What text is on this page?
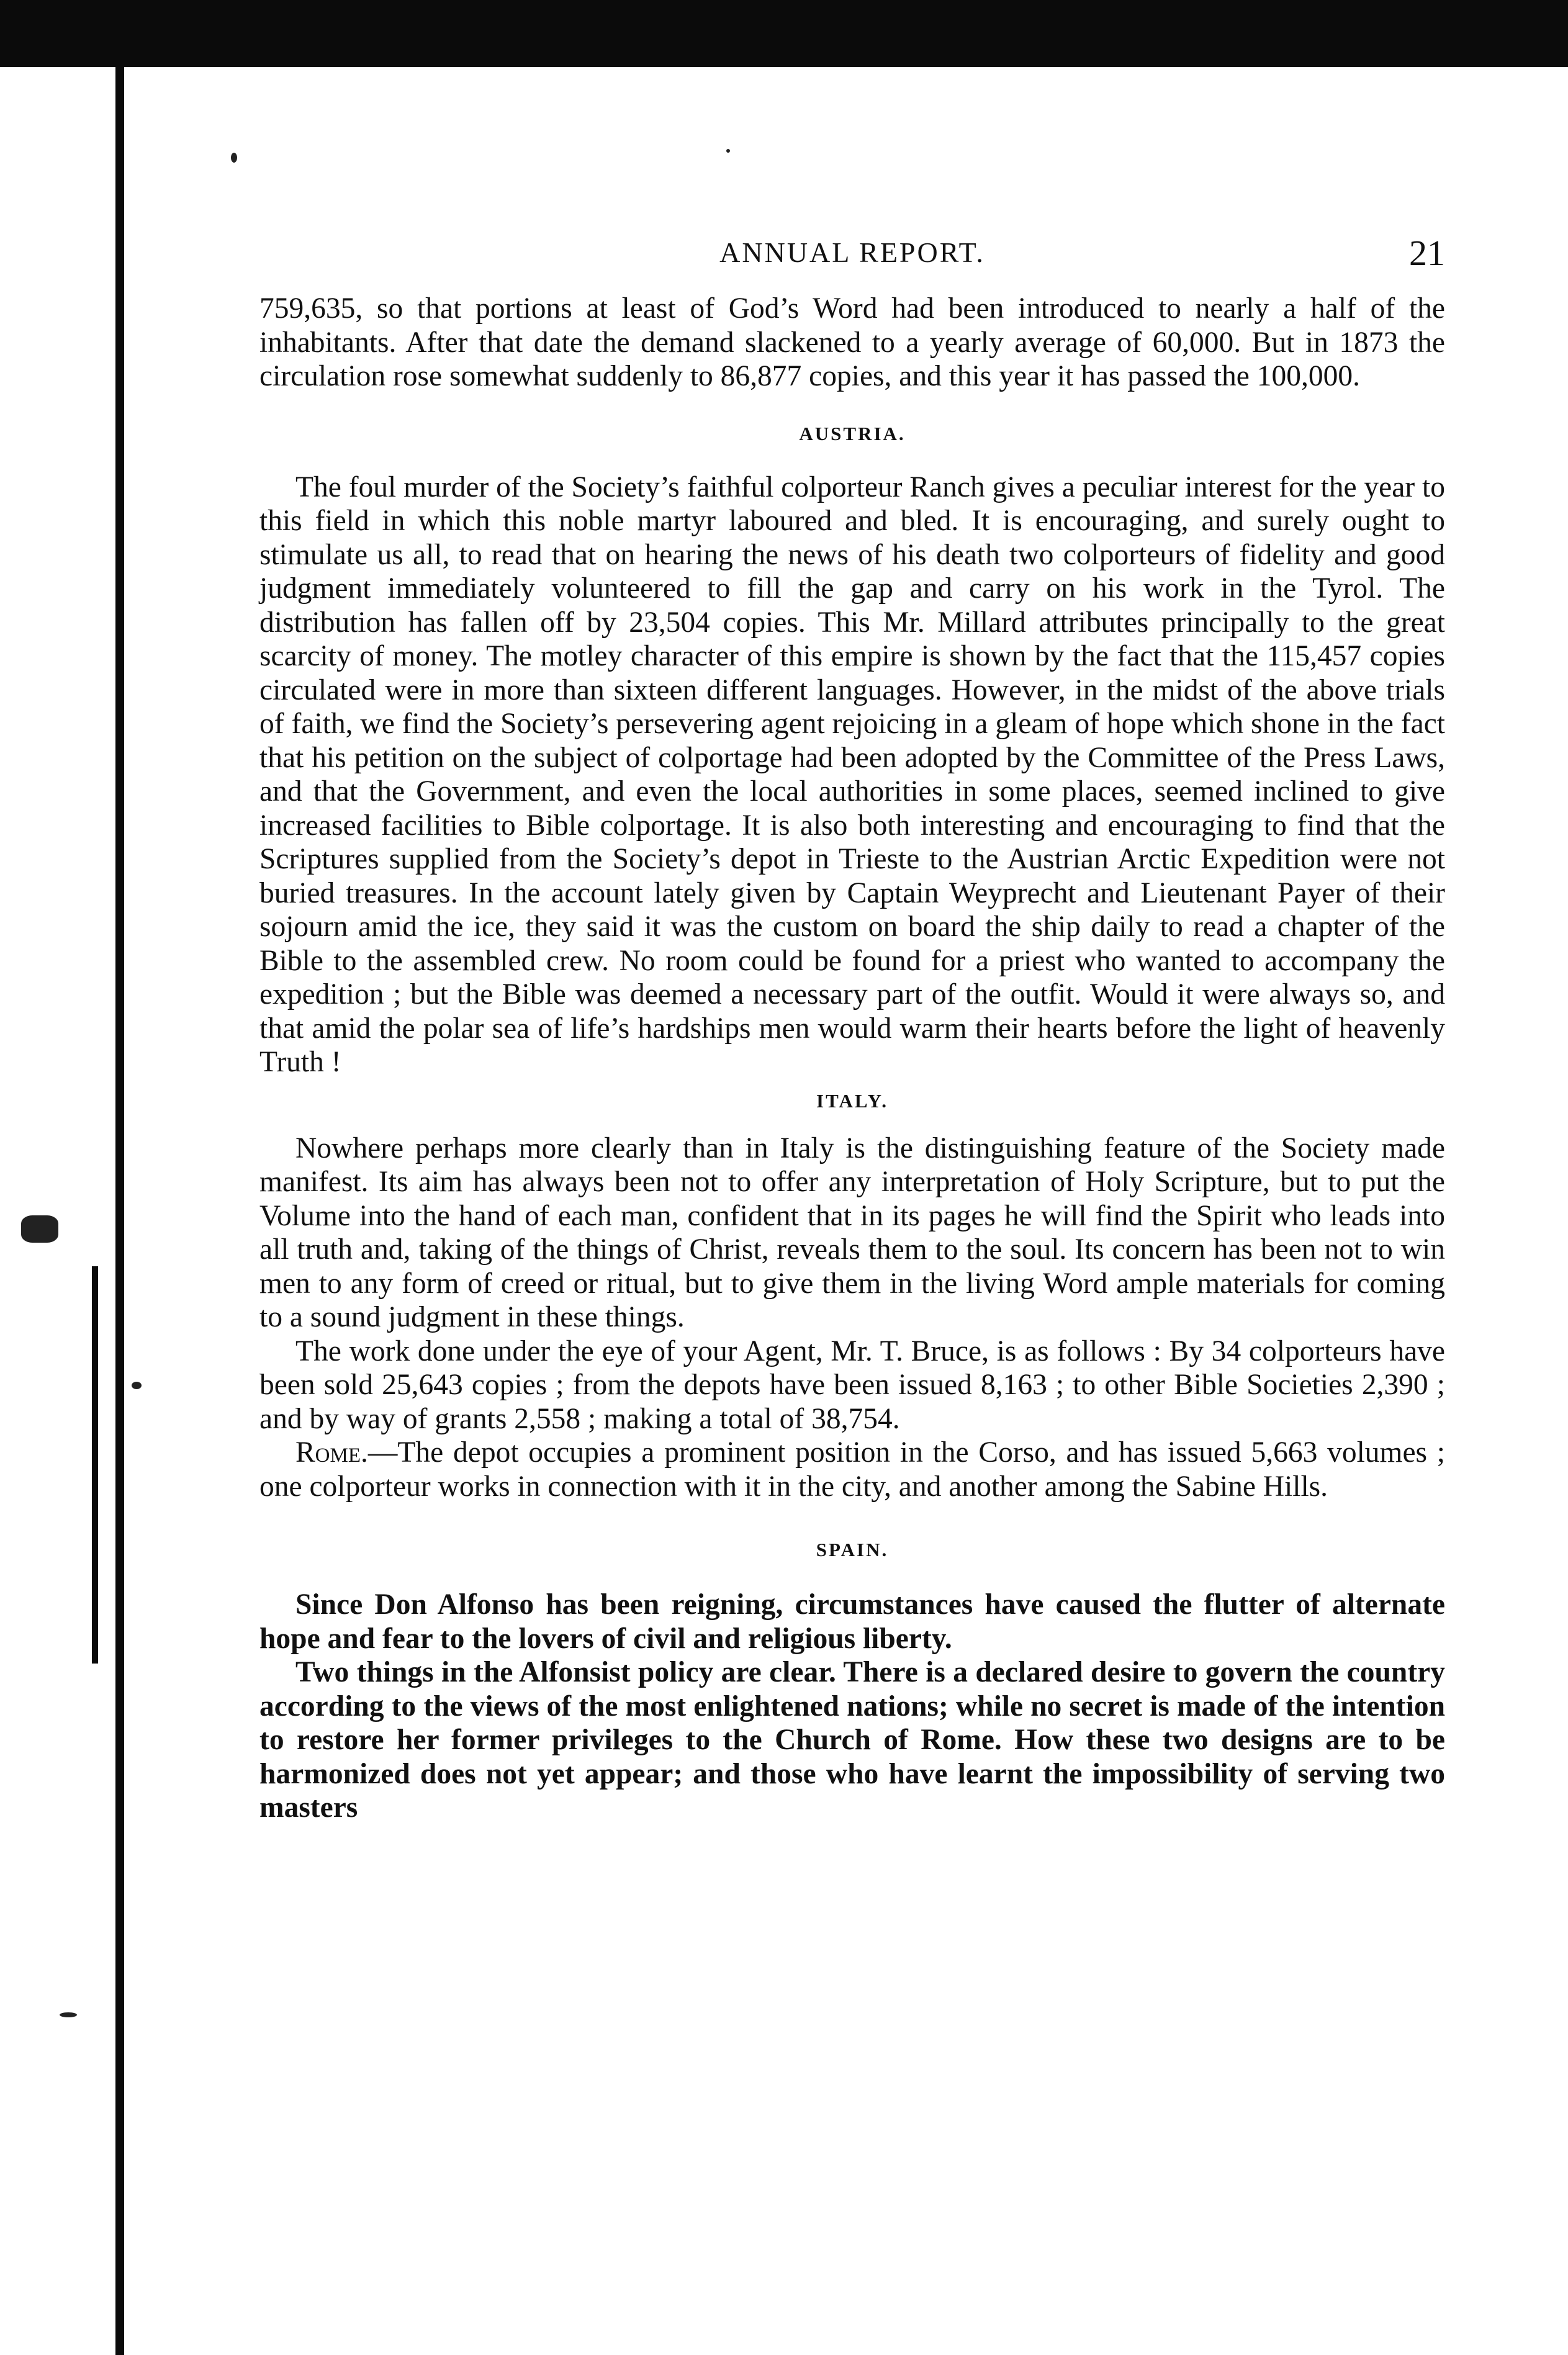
ANNUAL REPORT.	21

759,635, so that portions at least of God’s Word had been introduced to nearly a half of the inhabitants. After that date the demand slackened to a yearly average of 60,000. But in 1873 the circulation rose somewhat suddenly to 86,877 copies, and this year it has passed the 100,000.

AUSTRIA.

The foul murder of the Society’s faithful colporteur Ranch gives a peculiar interest for the year to this field in which this noble martyr laboured and bled. It is encouraging, and surely ought to stimulate us all, to read that on hearing the news of his death two colporteurs of fidelity and good judgment immediately volunteered to fill the gap and carry on his work in the Tyrol. The distribution has fallen off by 23,504 copies. This Mr. Millard attributes principally to the great scarcity of money. The motley character of this empire is shown by the fact that the 115,457 copies circulated were in more than sixteen different languages. However, in the midst of the above trials of faith, we find the Society’s persevering agent rejoicing in a gleam of hope which shone in the fact that his petition on the subject of colportage had been adopted by the Committee of the Press Laws, and that the Government, and even the local authorities in some places, seemed inclined to give increased facilities to Bible colportage. It is also both interesting and encouraging to find that the Scriptures supplied from the Society’s depot in Trieste to the Austrian Arctic Expedition were not buried treasures. In the account lately given by Captain Weyprecht and Lieutenant Payer of their sojourn amid the ice, they said it was the custom on board the ship daily to read a chapter of the Bible to the assembled crew. No room could be found for a priest who wanted to accompany the expedition ; but the Bible was deemed a necessary part of the outfit. Would it were always so, and that amid the polar sea of life’s hardships men would warm their hearts before the light of heavenly Truth !

ITALY.

Nowhere perhaps more clearly than in Italy is the distinguishing feature of the Society made manifest. Its aim has always been not to offer any interpretation of Holy Scripture, but to put the Volume into the hand of each man, confident that in its pages he will find the Spirit who leads into all truth and, taking of the things of Christ, reveals them to the soul. Its concern has been not to win men to any form of creed or ritual, but to give them in the living Word ample materials for coming to a sound judgment in these things.

The work done under the eye of your Agent, Mr. T. Bruce, is as follows : By 34 colporteurs have been sold 25,643 copies ; from the depots have been issued 8,163 ; to other Bible Societies 2,390 ; and by way of grants 2,558 ; making a total of 38,754.

Rome.—The depot occupies a prominent position in the Corso, and has issued 5,663 volumes ; one colporteur works in connection with it in the city, and another among the Sabine Hills.

SPAIN.

Since Don Alfonso has been reigning, circumstances have caused the flutter of alternate hope and fear to the lovers of civil and religious liberty.

Two things in the Alfonsist policy are clear. There is a declared desire to govern the country according to the views of the most enlightened nations; while no secret is made of the intention to restore her former privileges to the Church of Rome. How these two designs are to be harmonized does not yet appear; and those who have learnt the impossibility of serving two masters
